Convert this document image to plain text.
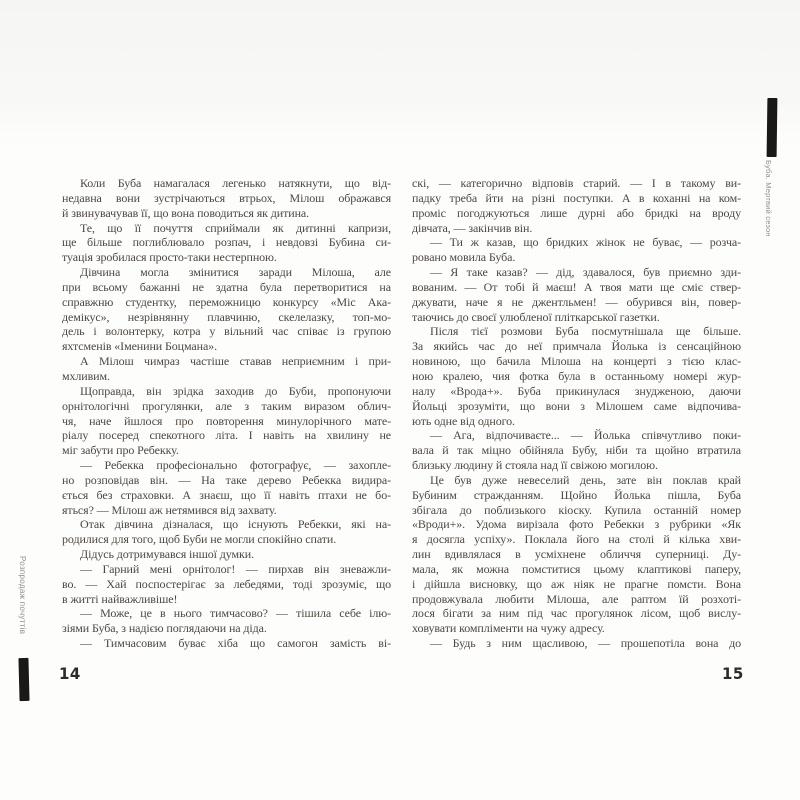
Розпродаж почуттів
Буба. Мертвий сезон
Коли Буба намагалася легенько натякнути, що від-
недавна вони зустрічаються втрьох, Мілош ображався
й звинувачував її, що вона поводиться як дитина.
Те, що її почуття сприймали як дитинні капризи,
ще більше поглиблювало розпач, і невдовзі Бубина си-
туація зробилася просто-таки нестерпною.
Дівчина могла змінитися заради Мілоша, але
при всьому бажанні не здатна була перетворитися на
справжню студентку, переможницю конкурсу «Міс Ака-
демікус», незрівнянну плавчиню, скелелазку, топ-мо-
дель і волонтерку, котра у вільний час співає із групою
яхтсменів «Іменини Боцмана».
А Мілош чимраз частіше ставав неприємним і при-
мхливим.
Щоправда, він зрідка заходив до Буби, пропонуючи
орнітологічні прогулянки, але з таким виразом облич-
чя, наче йшлося про повторення минулорічного мате-
ріалу посеред спекотного літа. І навіть на хвилину не
міг забути про Ребекку.
— Ребекка професіонально фотографує, — захопле-
но розповідав він. — На таке дерево Ребекка видира-
ється без страховки. А знаєш, що її навіть птахи не бо-
яться? — Мілош аж нетямився від захвату.
Отак дівчина дізналася, що існують Ребекки, які на-
родилися для того, щоб Буби не могли спокійно спати.
Дідусь дотримувався іншої думки.
— Гарний мені орнітолог! — пирхав він зневажли-
во. — Хай поспостерігає за лебедями, тоді зрозуміє, що
в житті найважливіше!
— Може, це в нього тимчасово? — тішила себе ілю-
зіями Буба, з надією поглядаючи на діда.
— Тимчасовим буває хіба що самогон замість ві-
скі, — категорично відповів старий. — І в такому ви-
падку треба йти на різні поступки. А в коханні на ком-
проміс погоджуються лише дурні або бридкі на вроду
дівчата, — закінчив він.
— Ти ж казав, що бридких жінок не буває, — розча-
ровано мовила Буба.
— Я таке казав? — дід, здавалося, був приємно зди-
вованим. — От тобі й маєш! А твоя мати ще сміє ствер-
джувати, наче я не джентльмен! — обурився він, повер-
таючись до своєї улюбленої пліткарської газетки.
Після тієї розмови Буба посмутнішала ще більше.
За якийсь час до неї примчала Йолька із сенсаційною
новиною, що бачила Мілоша на концерті з тією клас-
ною кралею, чия фотка була в останньому номері жур-
налу «Врода+». Буба прикинулася знудженою, даючи
Йольці зрозуміти, що вони з Мілошем саме відпочива-
ють одне від одного.
— Ага, відпочиваєте... — Йолька співчутливо поки-
вала й так міцно обійняла Бубу, ніби та щойно втратила
близьку людину й стояла над її свіжою могилою.
Це був дуже невеселий день, зате він поклав край
Бубиним стражданням. Щойно Йолька пішла, Буба
збігала до поблизького кіоску. Купила останній номер
«Вроди+». Удома вирізала фото Ребекки з рубрики «Як
я досягла успіху». Поклала його на столі й кілька хви-
лин вдивлялася в усміхнене обличчя суперниці. Ду-
мала, як можна помститися цьому клаптикові паперу,
і дійшла висновку, що аж ніяк не прагне помсти. Вона
продовжувала любити Мілоша, але раптом їй розхоті-
лося бігати за ним під час прогулянок лісом, щоб вислу-
ховувати компліменти на чужу адресу.
— Будь з ним щасливою, — прошепотіла вона до
14	15
